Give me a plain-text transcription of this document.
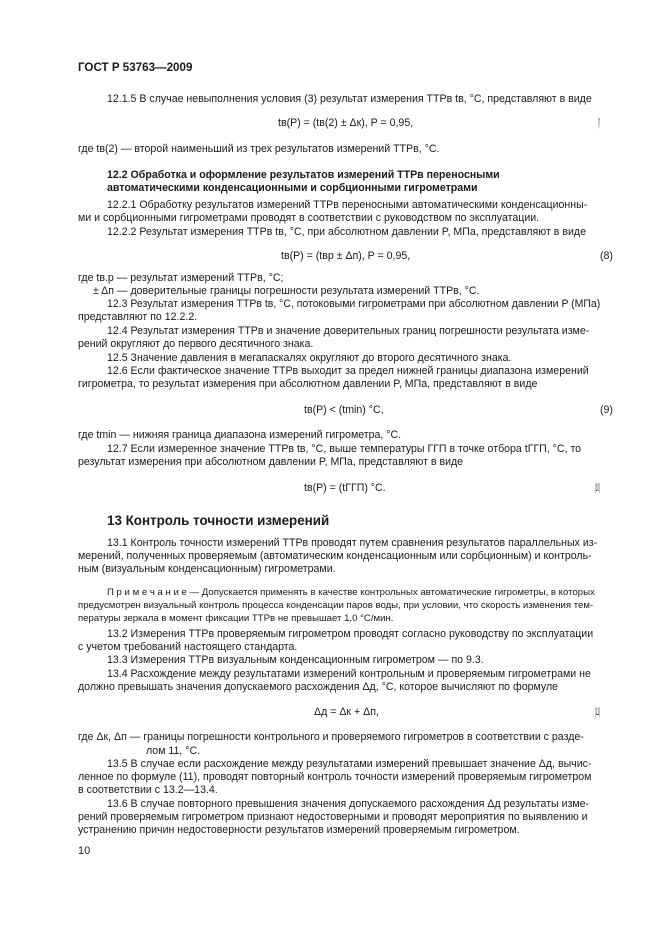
ГОСТ Р 53763—2009
12.1.5 В случае невыполнения условия (3) результат измерения ТТРв tв, °C, представляют в виде
tв(P) = (tв(2) ± Δк), P = 0,95,	(7)
где tв(2) — второй наименьший из трех результатов измерений ТТРв, °C.
12.2 Обработка и оформление результатов измерений ТТРв переносными
автоматическими конденсационными и сорбционными гигрометрами
12.2.1 Обработку результатов измерений ТТРв переносными автоматическими конденсационны-
ми и сорбционными гигрометрами проводят в соответствии с руководством по эксплуатации.
12.2.2 Результат измерения ТТРв tв, °C, при абсолютном давлении P, МПа, представляют в виде
tв(P) = (tвр ± Δп), P = 0,95,	(8)
где tв.р — результат измерений ТТРв, °C;
± Δп — доверительные границы погрешности результата измерений ТТРв, °C.
12.3 Результат измерения ТТРв tв, °C, потоковыми гигрометрами при абсолютном давлении P (МПа)
представляют по 12.2.2.
12.4 Результат измерения ТТРв и значение доверительных границ погрешности результата изме-
рений округляют до первого десятичного знака.
12.5 Значение давления в мегапаскалях округляют до второго десятичного знака.
12.6 Если фактическое значение ТТРв выходит за предел нижней границы диапазона измерений
гигрометра, то результат измерения при абсолютном давлении P, МПа, представляют в виде
tв(P) < (tmin) °C,	(9)
где tmin — нижняя граница диапазона измерений гигрометра, °C.
12.7 Если измеренное значение ТТРв tв, °C, выше температуры ГГП в точке отбора tГГП, °C, то
результат измерения при абсолютном давлении P, МПа, представляют в виде
tв(P) = (tГГП) °C.	(10)
13 Контроль точности измерений
13.1 Контроль точности измерений ТТРв проводят путем сравнения результатов параллельных из-
мерений, полученных проверяемым (автоматическим конденсационным или сорбционным) и контроль-
ным (визуальным конденсационным) гигрометрами.
П р и м е ч а н и е — Допускается применять в качестве контрольных автоматические гигрометры, в которых
предусмотрен визуальный контроль процесса конденсации паров воды, при условии, что скорость изменения тем-
пературы зеркала в момент фиксации ТТРв не превышает 1,0 °C/мин.
13.2 Измерения ТТРв проверяемым гигрометром проводят согласно руководству по эксплуатации
с учетом требований настоящего стандарта.
13.3 Измерения ТТРв визуальным конденсационным гигрометром — по 9.3.
13.4 Расхождение между результатами измерений контрольным и проверяемым гигрометрами не
должно превышать значения допускаемого расхождения Δд, °C, которое вычисляют по формуле
Δд = Δк + Δп,	(11)
где Δк, Δп — границы погрешности контрольного и проверяемого гигрометров в соответствии с разде-
лом 11, °C.
13.5 В случае если расхождение между результатами измерений превышает значение Δд, вычис-
ленное по формуле (11), проводят повторный контроль точности измерений проверяемым гигрометром
в соответствии с 13.2—13.4.
13.6 В случае повторного превышения значения допускаемого расхождения Δд результаты изме-
рений проверяемым гигрометром признают недостоверными и проводят мероприятия по выявлению и
устранению причин недостоверности результатов измерений проверяемым гигрометром.
10
